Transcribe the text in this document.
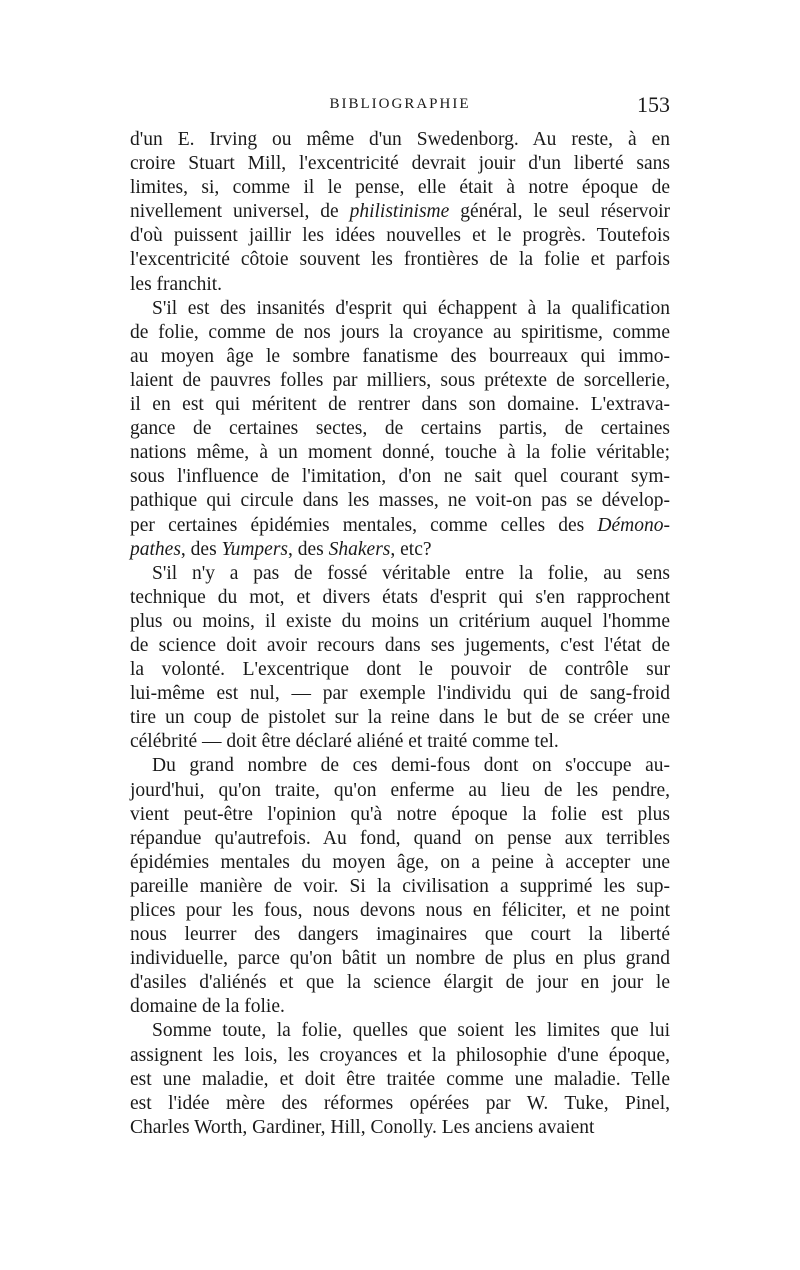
BIBLIOGRAPHIE	153
d'un E. Irving ou même d'un Swedenborg. Au reste, à en
croire Stuart Mill, l'excentricité devrait jouir d'un liberté sans
limites, si, comme il le pense, elle était à notre époque de
nivellement universel, de philistinisme général, le seul réservoir
d'où puissent jaillir les idées nouvelles et le progrès. Toutefois
l'excentricité côtoie souvent les frontières de la folie et parfois
les franchit.
S'il est des insanités d'esprit qui échappent à la qualification
de folie, comme de nos jours la croyance au spiritisme, comme
au moyen âge le sombre fanatisme des bourreaux qui immo-
laient de pauvres folles par milliers, sous prétexte de sorcellerie,
il en est qui méritent de rentrer dans son domaine. L'extrava-
gance de certaines sectes, de certains partis, de certaines
nations même, à un moment donné, touche à la folie véritable;
sous l'influence de l'imitation, d'on ne sait quel courant sym-
pathique qui circule dans les masses, ne voit-on pas se dévelop-
per certaines épidémies mentales, comme celles des Démono-
pathes, des Yumpers, des Shakers, etc?
S'il n'y a pas de fossé véritable entre la folie, au sens
technique du mot, et divers états d'esprit qui s'en rapprochent
plus ou moins, il existe du moins un critérium auquel l'homme
de science doit avoir recours dans ses jugements, c'est l'état de
la volonté. L'excentrique dont le pouvoir de contrôle sur
lui-même est nul, — par exemple l'individu qui de sang-froid
tire un coup de pistolet sur la reine dans le but de se créer une
célébrité — doit être déclaré aliéné et traité comme tel.
Du grand nombre de ces demi-fous dont on s'occupe au-
jourd'hui, qu'on traite, qu'on enferme au lieu de les pendre,
vient peut-être l'opinion qu'à notre époque la folie est plus
répandue qu'autrefois. Au fond, quand on pense aux terribles
épidémies mentales du moyen âge, on a peine à accepter une
pareille manière de voir. Si la civilisation a supprimé les sup-
plices pour les fous, nous devons nous en féliciter, et ne point
nous leurrer des dangers imaginaires que court la liberté
individuelle, parce qu'on bâtit un nombre de plus en plus grand
d'asiles d'aliénés et que la science élargit de jour en jour le
domaine de la folie.
Somme toute, la folie, quelles que soient les limites que lui
assignent les lois, les croyances et la philosophie d'une époque,
est une maladie, et doit être traitée comme une maladie. Telle
est l'idée mère des réformes opérées par W. Tuke, Pinel,
Charles Worth, Gardiner, Hill, Conolly. Les anciens avaient
